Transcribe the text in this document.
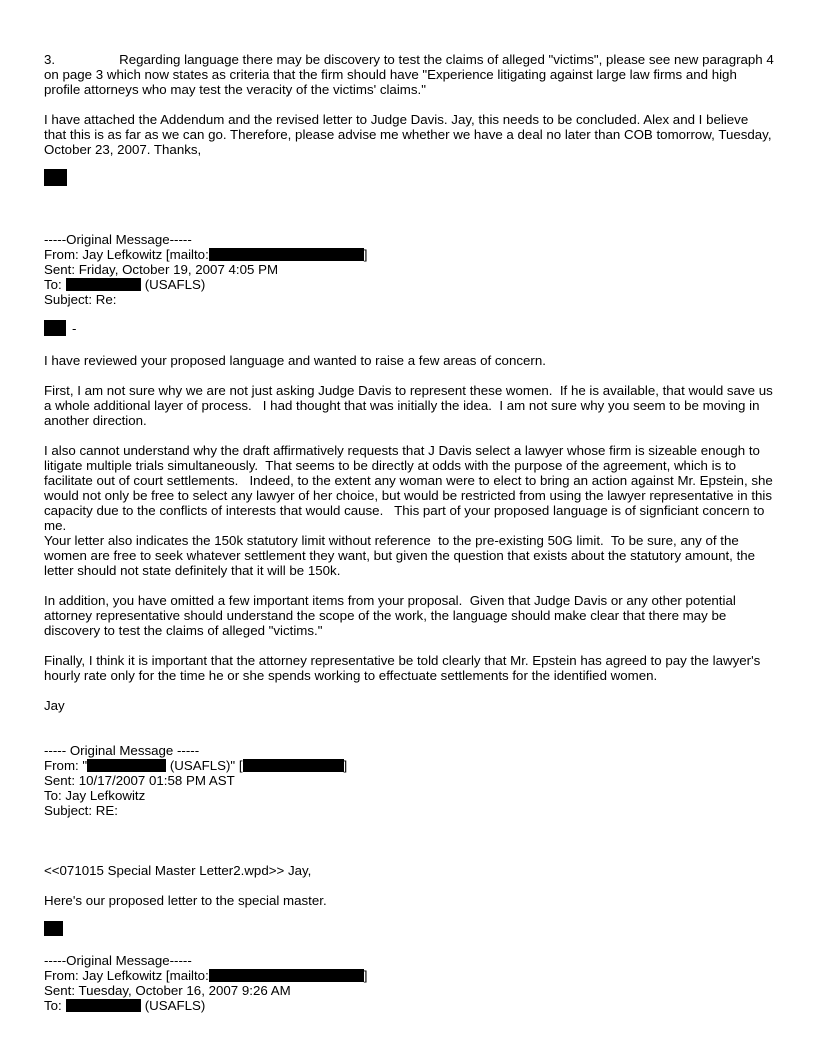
3.	Regarding language there may be discovery to test the claims of alleged "victims", please see new paragraph 4 on page 3 which now states as criteria that the firm should have "Experience litigating against large law firms and high profile attorneys who may test the veracity of the victims' claims."
I have attached the Addendum and the revised letter to Judge Davis. Jay, this needs to be concluded. Alex and I believe that this is as far as we can go. Therefore, please advise me whether we have a deal no later than COB tomorrow, Tuesday, October 23, 2007. Thanks,
-----Original Message-----
From: Jay Lefkowitz [mailto:	]
Sent: Friday, October 19, 2007 4:05 PM
To:	(USAFLS)
Subject: Re:
-
I have reviewed your proposed language and wanted to raise a few areas of concern.
First, I am not sure why we are not just asking Judge Davis to represent these women.  If he is available, that would save us a whole additional layer of process.   I had thought that was initially the idea.  I am not sure why you seem to be moving in another direction.
I also cannot understand why the draft affirmatively requests that J Davis select a lawyer whose firm is sizeable enough to litigate multiple trials simultaneously.  That seems to be directly at odds with the purpose of the agreement, which is to facilitate out of court settlements.   Indeed, to the extent any woman were to elect to bring an action against Mr. Epstein, she would not only be free to select any lawyer of her choice, but would be restricted from using the lawyer representative in this capacity due to the conflicts of interests that would cause.   This part of your proposed language is of signficiant concern to me.
Your letter also indicates the 150k statutory limit without reference  to the pre-existing 50G limit.  To be sure, any of the women are free to seek whatever settlement they want, but given the question that exists about the statutory amount, the letter should not state definitely that it will be 150k.
In addition, you have omitted a few important items from your proposal.  Given that Judge Davis or any other potential attorney representative should understand the scope of the work, the language should make clear that there may be discovery to test the claims of alleged "victims."
Finally, I think it is important that the attorney representative be told clearly that Mr. Epstein has agreed to pay the lawyer's hourly rate only for the time he or she spends working to effectuate settlements for the identified women.
Jay
----- Original Message -----
From: "	(USAFLS)" [	]
Sent: 10/17/2007 01:58 PM AST
To: Jay Lefkowitz
Subject: RE:
<<071015 Special Master Letter2.wpd>> Jay,
Here's our proposed letter to the special master.
-----Original Message-----
From: Jay Lefkowitz [mailto:	]
Sent: Tuesday, October 16, 2007 9:26 AM
To:	(USAFLS)
